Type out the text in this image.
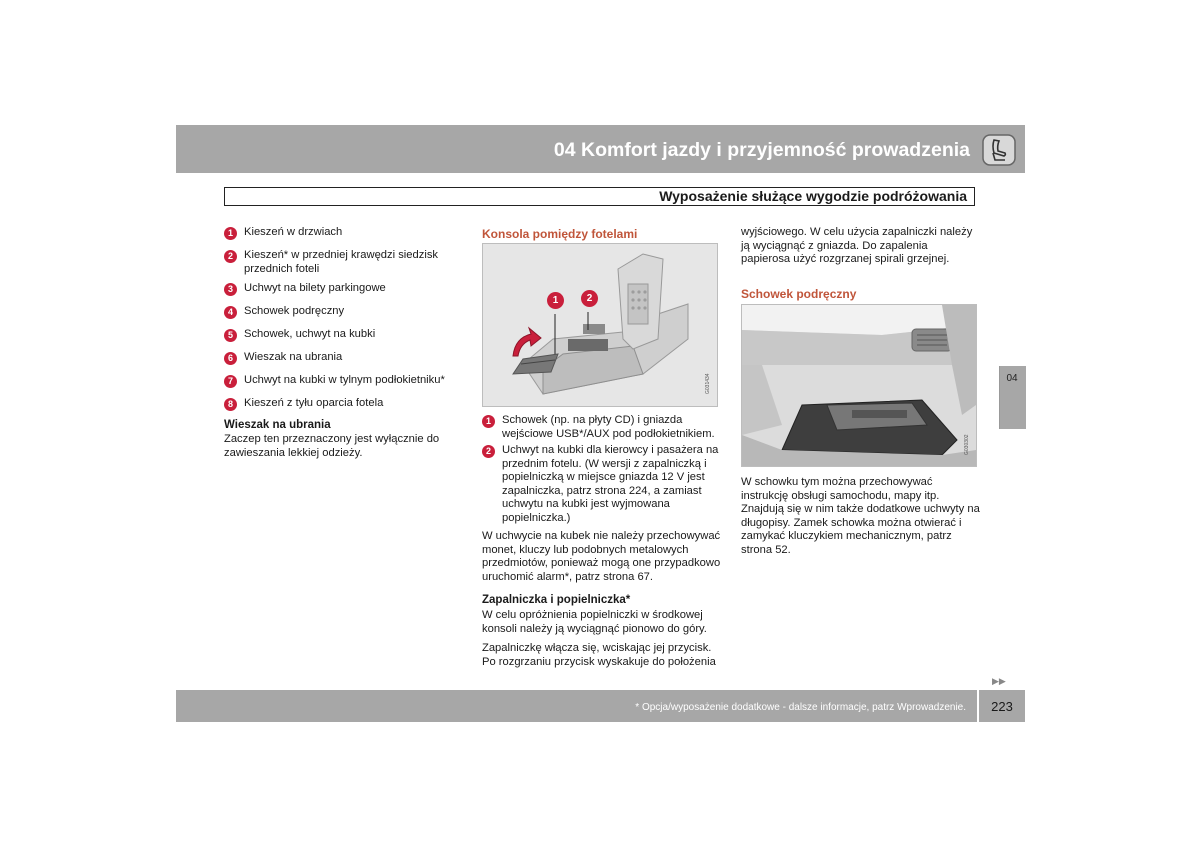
04 Komfort jazdy i przyjemność prowadzenia
Wyposażenie służące wygodzie podróżowania
1 Kieszeń w drzwiach
2 Kieszeń* w przedniej krawędzi siedzisk przednich foteli
3 Uchwyt na bilety parkingowe
4 Schowek podręczny
5 Schowek, uchwyt na kubki
6 Wieszak na ubrania
7 Uchwyt na kubki w tylnym podłokietniku*
8 Kieszeń z tyłu oparcia fotela
Wieszak na ubrania
Zaczep ten przeznaczony jest wyłącznie do zawieszania lekkiej odzieży.
Konsola pomiędzy fotelami
G031434
1	2
1 Schowek (np. na płyty CD) i gniazda wejściowe USB*/AUX pod podłokietnikiem.
2 Uchwyt na kubki dla kierowcy i pasażera na przednim fotelu. (W wersji z zapalniczką i popielniczką w miejsce gniazda 12 V jest zapalniczka, patrz strona 224, a zamiast uchwytu na kubki jest wyjmowana popielniczka.)
W uchwycie na kubek nie należy przechowywać monet, kluczy lub podobnych metalowych przedmiotów, ponieważ mogą one przypadkowo uruchomić alarm*, patrz strona 67.
Zapalniczka i popielniczka*
W celu opróżnienia popielniczki w środkowej konsoli należy ją wyciągnąć pionowo do góry.
Zapalniczkę włącza się, wciskając jej przycisk. Po rozgrzaniu przycisk wyskakuje do położenia
wyjściowego. W celu użycia zapalniczki należy ją wyciągnąć z gniazda. Do zapalenia papierosa użyć rozgrzanej spirali grzejnej.
Schowek podręczny
G030302
W schowku tym można przechowywać instrukcję obsługi samochodu, mapy itp. Znajdują się w nim także dodatkowe uchwyty na długopisy. Zamek schowka można otwierać i zamykać kluczykiem mechanicznym, patrz strona 52.
04
▶▶
* Opcja/wyposażenie dodatkowe - dalsze informacje, patrz Wprowadzenie.	223
